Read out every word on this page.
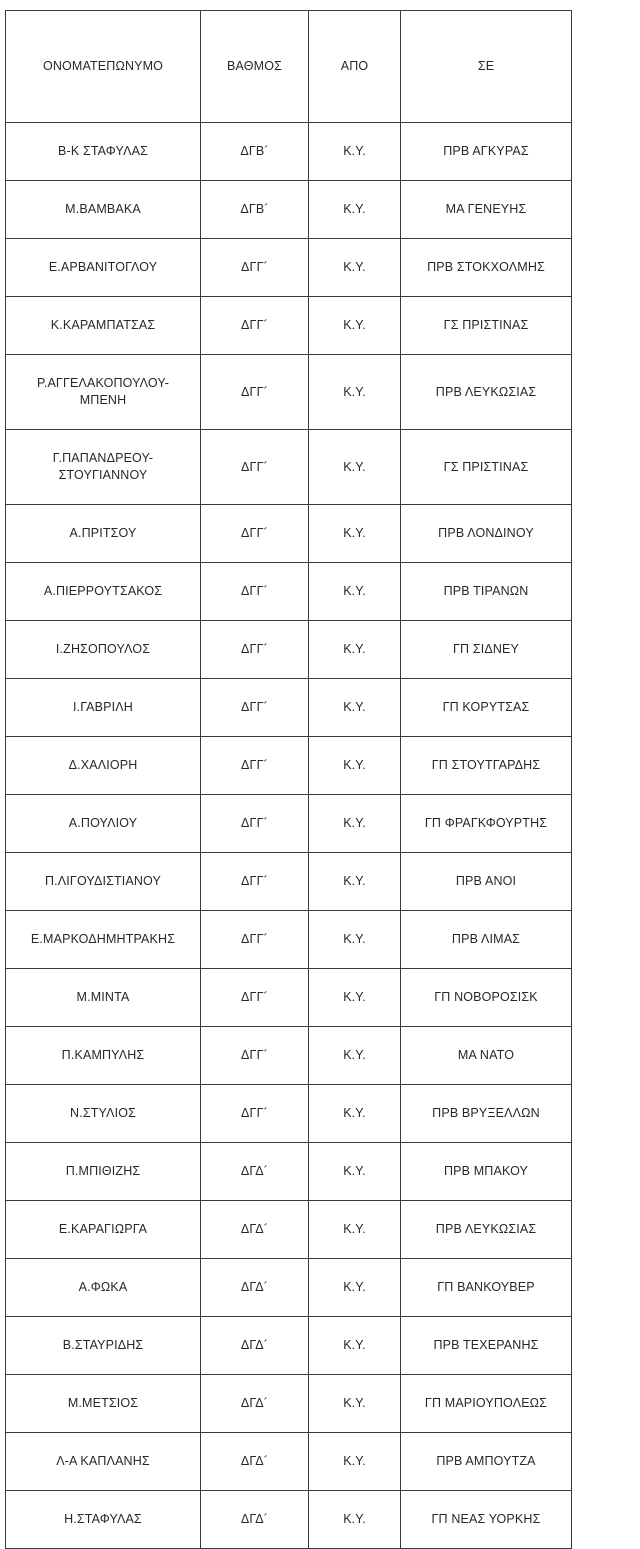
ΟΝΟΜΑΤΕΠΩΝΥΜΟ	ΒΑΘΜΟΣ	ΑΠΟ	ΣΕ
Β-Κ ΣΤΑΦΥΛΑΣ	ΔΓΒ´	Κ.Υ.	ΠΡΒ ΑΓΚΥΡΑΣ
Μ.ΒΑΜΒΑΚΑ	ΔΓΒ´	Κ.Υ.	ΜΑ ΓΕΝΕΥΗΣ
Ε.ΑΡΒΑΝΙΤΟΓΛΟΥ	ΔΓΓ´	Κ.Υ.	ΠΡΒ ΣΤΟΚΧΟΛΜΗΣ
Κ.ΚΑΡΑΜΠΑΤΣΑΣ	ΔΓΓ´	Κ.Υ.	ΓΣ ΠΡΙΣΤΙΝΑΣ

Ρ.ΑΓΓΕΛΑΚΟΠΟΥΛΟΥ-
ΜΠΕΝΗ	ΔΓΓ´	Κ.Υ.	ΠΡΒ ΛΕΥΚΩΣΙΑΣ

Γ.ΠΑΠΑΝΔΡΕΟΥ-
ΣΤΟΥΓΙΑΝΝΟΥ	ΔΓΓ´	Κ.Υ.	ΓΣ ΠΡΙΣΤΙΝΑΣ
Α.ΠΡΙΤΣΟΥ	ΔΓΓ´	Κ.Υ.	ΠΡΒ ΛΟΝΔΙΝΟΥ
Α.ΠΙΕΡΡΟΥΤΣΑΚΟΣ	ΔΓΓ´	Κ.Υ.	ΠΡΒ ΤΙΡΑΝΩΝ
Ι.ΖΗΣΟΠΟΥΛΟΣ	ΔΓΓ´	Κ.Υ.	ΓΠ ΣΙΔΝΕΥ
Ι.ΓΑΒΡΙΛΗ	ΔΓΓ´	Κ.Υ.	ΓΠ ΚΟΡΥΤΣΑΣ
Δ.ΧΑΛΙΟΡΗ	ΔΓΓ´	Κ.Υ.	ΓΠ ΣΤΟΥΤΓΑΡΔΗΣ
Α.ΠΟΥΛΙΟΥ	ΔΓΓ´	Κ.Υ.	ΓΠ ΦΡΑΓΚΦΟΥΡΤΗΣ
Π.ΛΙΓΟΥΔΙΣΤΙΑΝΟΥ	ΔΓΓ´	Κ.Υ.	ΠΡΒ ΑΝΟΙ
Ε.ΜΑΡΚΟΔΗΜΗΤΡΑΚΗΣ	ΔΓΓ´	Κ.Υ.	ΠΡΒ ΛΙΜΑΣ
Μ.ΜΙΝΤΑ	ΔΓΓ´	Κ.Υ.	ΓΠ ΝΟΒΟΡΟΣΙΣΚ
Π.ΚΑΜΠΥΛΗΣ	ΔΓΓ´	Κ.Υ.	ΜΑ ΝΑΤΟ
Ν.ΣΤΥΛΙΟΣ	ΔΓΓ´	Κ.Υ.	ΠΡΒ ΒΡΥΞΕΛΛΩΝ
Π.ΜΠΙΘΙΖΗΣ	ΔΓΔ´	Κ.Υ.	ΠΡΒ ΜΠΑΚΟΥ
Ε.ΚΑΡΑΓΙΩΡΓΑ	ΔΓΔ´	Κ.Υ.	ΠΡΒ ΛΕΥΚΩΣΙΑΣ
Α.ΦΩΚΑ	ΔΓΔ´	Κ.Υ.	ΓΠ ΒΑΝΚΟΥΒΕΡ
Β.ΣΤΑΥΡΙΔΗΣ	ΔΓΔ´	Κ.Υ.	ΠΡΒ ΤΕΧΕΡΑΝΗΣ
Μ.ΜΕΤΣΙΟΣ	ΔΓΔ´	Κ.Υ.	ΓΠ ΜΑΡΙΟΥΠΟΛΕΩΣ
Λ-Α ΚΑΠΛΑΝΗΣ	ΔΓΔ´	Κ.Υ.	ΠΡΒ ΑΜΠΟΥΤΖΑ
Η.ΣΤΑΦΥΛΑΣ	ΔΓΔ´	Κ.Υ.	ΓΠ ΝΕΑΣ ΥΟΡΚΗΣ
